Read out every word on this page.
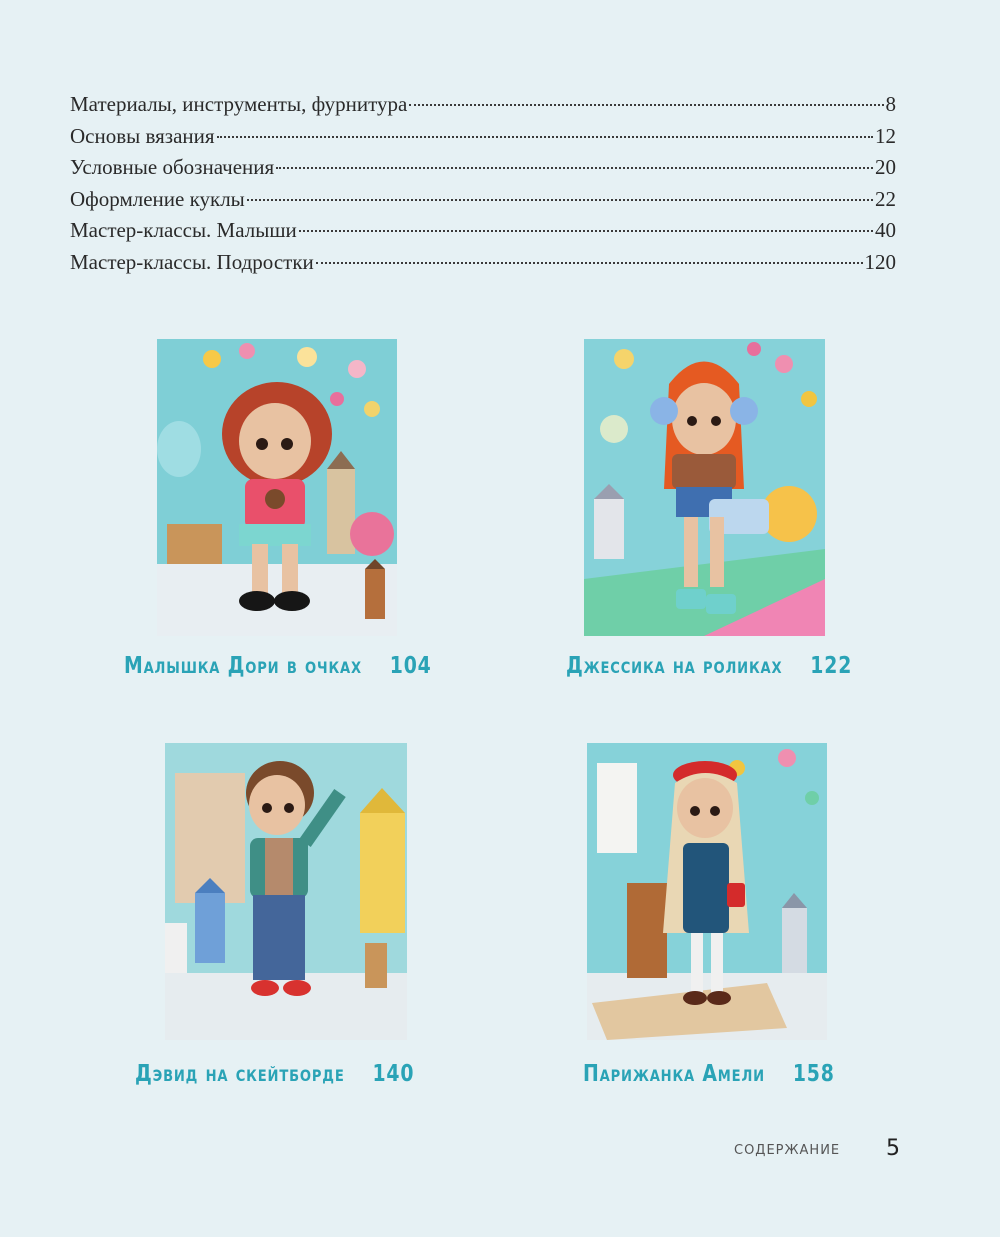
Материалы, инструменты, фурнитура	8
Основы вязания	12
Условные обозначения	20
Оформление куклы	22
Мастер-классы. Малыши	40
Мастер-классы. Подростки	120
Малышка Дори в очках 104	Джессика на роликах 122
Дэвид на скейтборде 140	Парижанка Амели 158
СОДЕРЖАНИЕ 5
